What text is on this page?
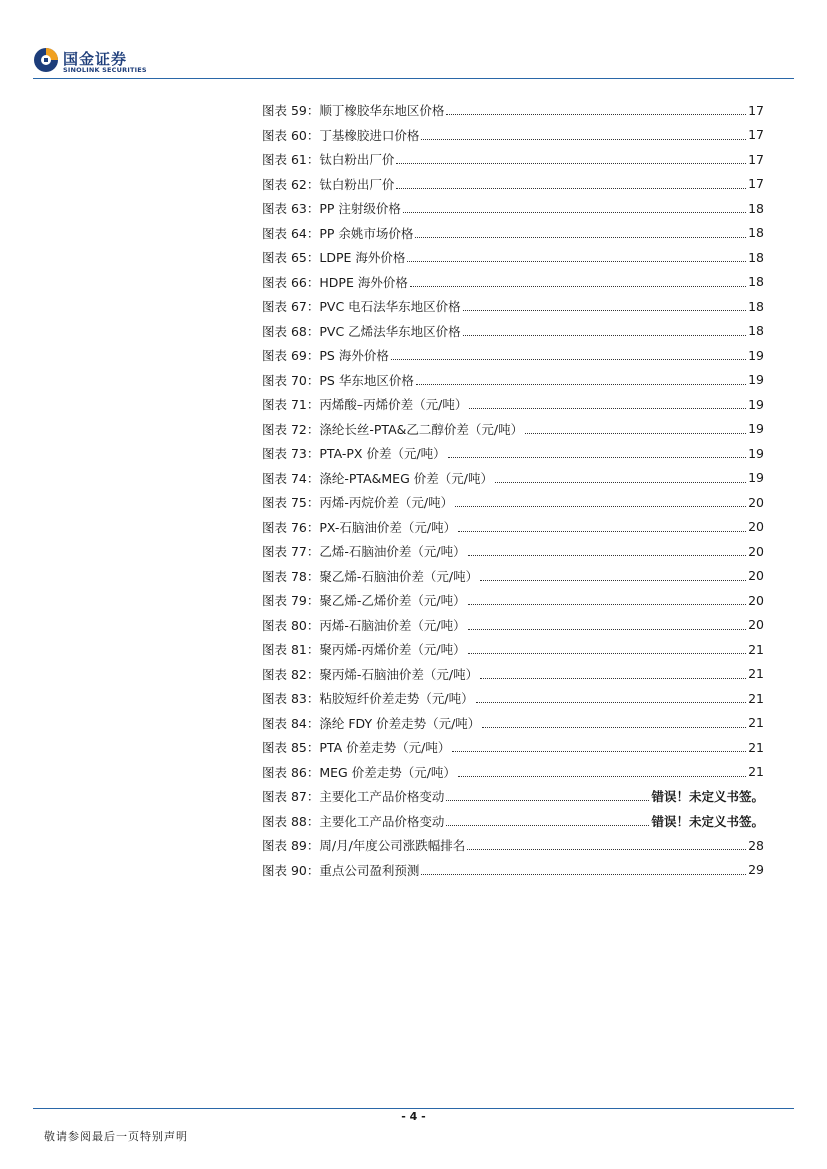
国金证券
SINOLINK SECURITIES
图表 59：顺丁橡胶华东地区价格	17
图表 60：丁基橡胶进口价格	17
图表 61：钛白粉出厂价	17
图表 62：钛白粉出厂价	17
图表 63：PP 注射级价格	18
图表 64：PP 余姚市场价格	18
图表 65：LDPE 海外价格	18
图表 66：HDPE 海外价格	18
图表 67：PVC 电石法华东地区价格	18
图表 68：PVC 乙烯法华东地区价格	18
图表 69：PS 海外价格	19
图表 70：PS 华东地区价格	19
图表 71：丙烯酸–丙烯价差（元/吨）	19
图表 72：涤纶长丝-PTA&乙二醇价差（元/吨）	19
图表 73：PTA-PX 价差（元/吨）	19
图表 74：涤纶-PTA&MEG 价差（元/吨）	19
图表 75：丙烯-丙烷价差（元/吨）	20
图表 76：PX-石脑油价差（元/吨）	20
图表 77：乙烯-石脑油价差（元/吨）	20
图表 78：聚乙烯-石脑油价差（元/吨）	20
图表 79：聚乙烯-乙烯价差（元/吨）	20
图表 80：丙烯-石脑油价差（元/吨）	20
图表 81：聚丙烯-丙烯价差（元/吨）	21
图表 82：聚丙烯-石脑油价差（元/吨）	21
图表 83：粘胶短纤价差走势（元/吨）	21
图表 84：涤纶 FDY 价差走势（元/吨）	21
图表 85：PTA 价差走势（元/吨）	21
图表 86：MEG 价差走势（元/吨）	21
图表 87：主要化工产品价格变动	错误！未定义书签。
图表 88：主要化工产品价格变动	错误！未定义书签。
图表 89：周/月/年度公司涨跌幅排名	28
图表 90：重点公司盈利预测	29
- 4 -
敬请参阅最后一页特别声明
